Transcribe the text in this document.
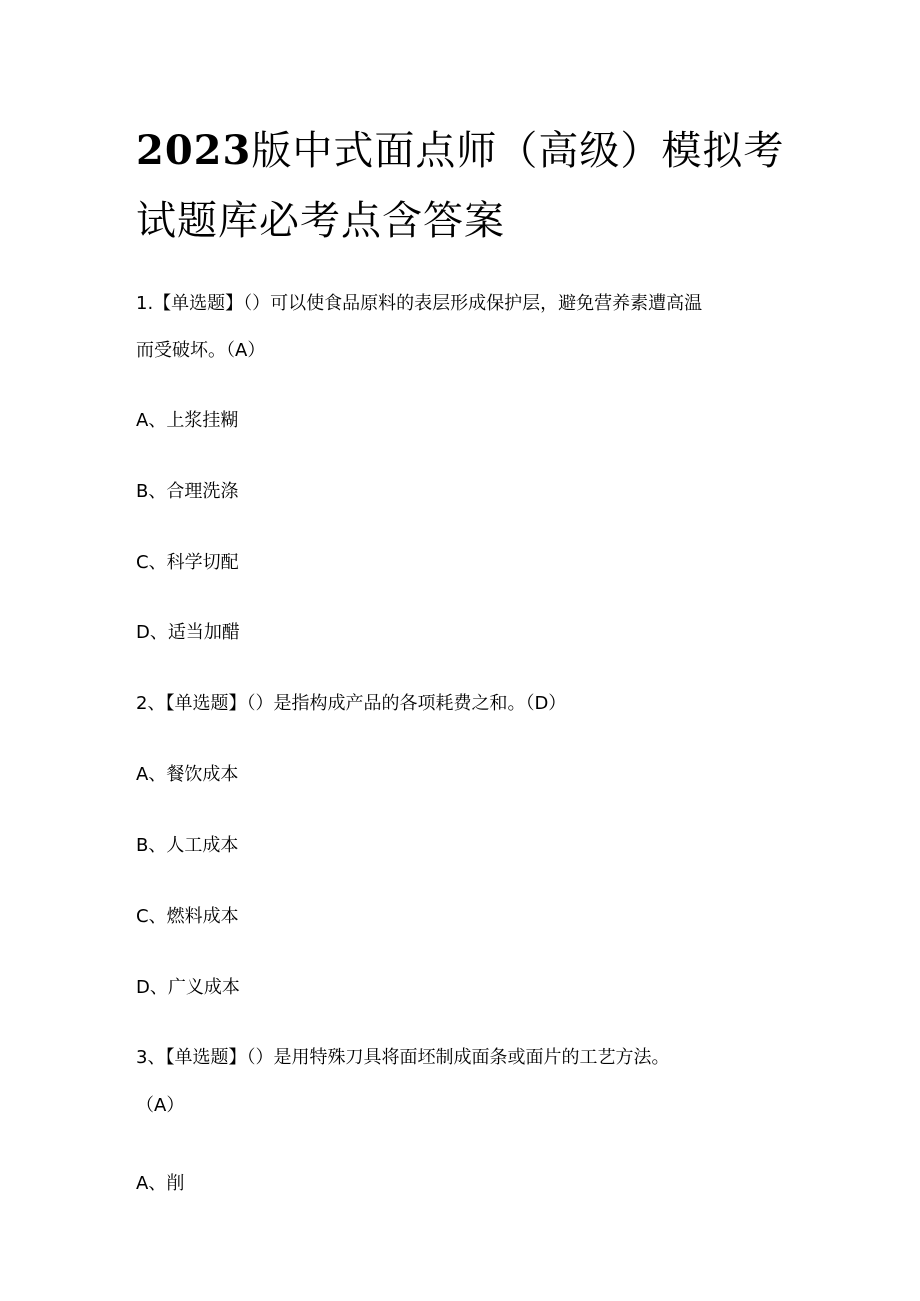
2023版中式面点师（高级）模拟考
试题库必考点含答案

1.【单选题】（）可以使食品原料的表层形成保护层，避免营养素遭高温

而受破坏。（A）

A、上浆挂糊

B、合理洗涤

C、科学切配

D、适当加醋

2、【单选题】（）是指构成产品的各项耗费之和。（D）

A、餐饮成本

B、人工成本

C、燃料成本

D、广义成本

3、【单选题】（）是用特殊刀具将面坯制成面条或面片的工艺方法。

（A）

A、削
